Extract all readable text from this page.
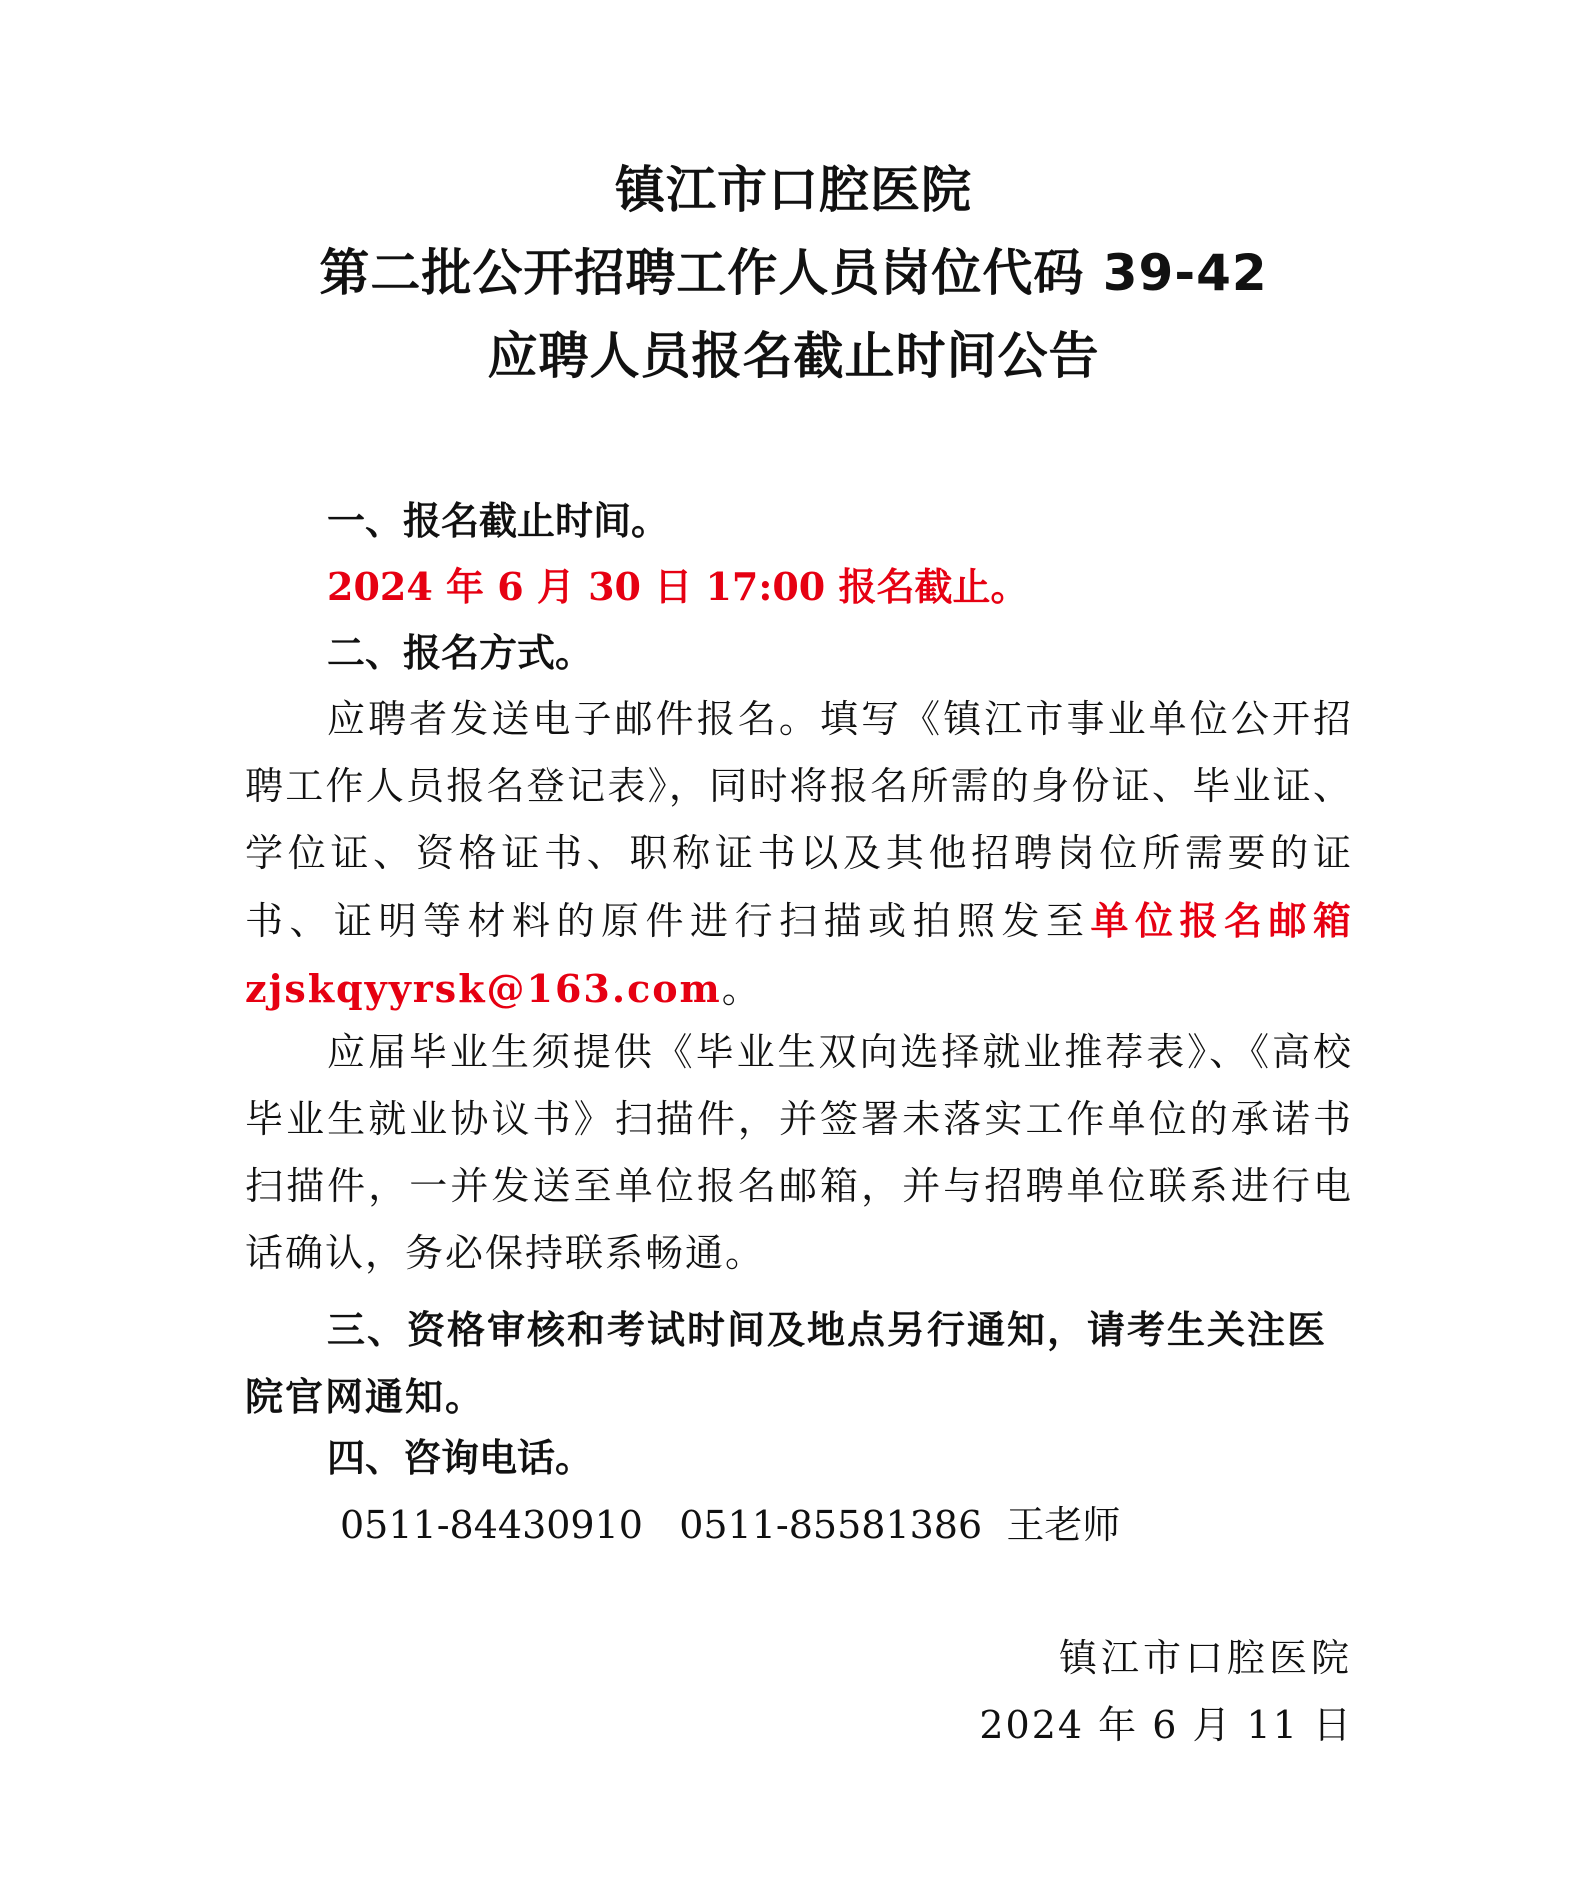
镇江市口腔医院
第二批公开招聘工作人员岗位代码 39-42
应聘人员报名截止时间公告
一、报名截止时间。
2024 年 6 月 30 日 17:00 报名截止。
二、报名方式。
应聘者发送电子邮件报名。填写《镇江市事业单位公开招聘工作人员报名登记表》，同时将报名所需的身份证、毕业证、学位证、资格证书、职称证书以及其他招聘岗位所需要的证书、证明等材料的原件进行扫描或拍照发至单位报名邮箱 zjskqyyrsk@163.com。
应届毕业生须提供《毕业生双向选择就业推荐表》、《高校毕业生就业协议书》扫描件，并签署未落实工作单位的承诺书扫描件，一并发送至单位报名邮箱，并与招聘单位联系进行电话确认，务必保持联系畅通。
三、资格审核和考试时间及地点另行通知，请考生关注医院官网通知。
四、咨询电话。
0511-84430910   0511-85581386  王老师
镇江市口腔医院
2024 年 6 月 11 日
